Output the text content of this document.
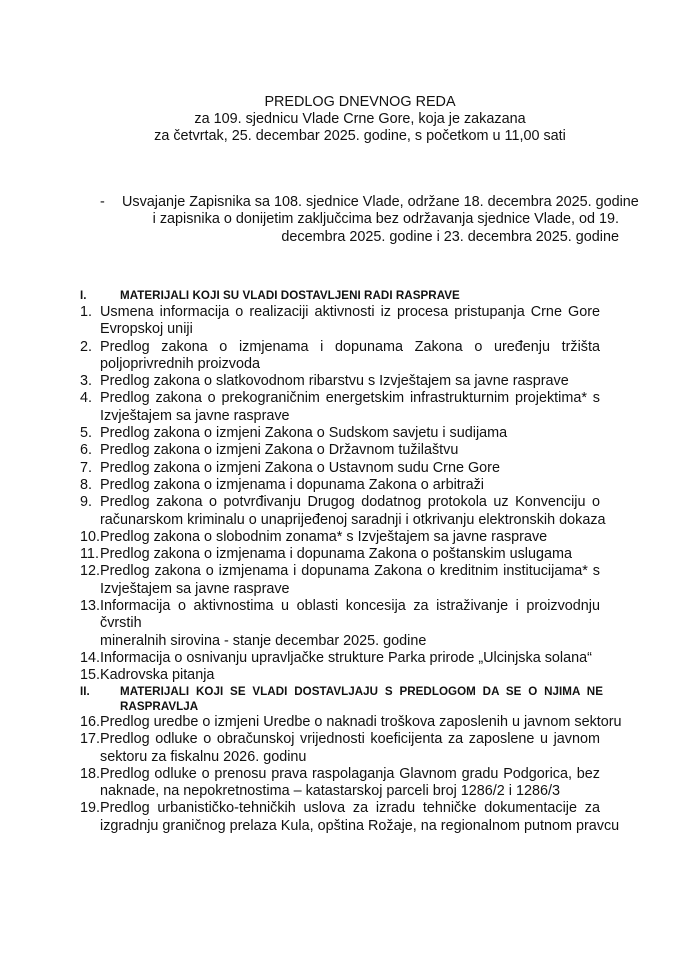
PREDLOG DNEVNOG REDA
za 109. sjednicu Vlade Crne Gore, koja je zakazana
za četvrtak, 25. decembar 2025. godine, s početkom u 11,00 sati
- Usvajanje Zapisnika sa 108. sjednice Vlade, održane 18. decembra 2025. godine
i zapisnika o donijetim zaključcima bez održavanja sjednice Vlade, od 19.
decembra 2025. godine i 23. decembra 2025. godine
I.	MATERIJALI KOJI SU VLADI DOSTAVLJENI RADI RASPRAVE
1. Usmena informacija o realizaciji aktivnosti iz procesa pristupanja Crne Gore
Evropskoj uniji
2. Predlog zakona o izmjenama i dopunama Zakona o uređenju tržišta
poljoprivrednih proizvoda
3. Predlog zakona o slatkovodnom ribarstvu s Izvještajem sa javne rasprave
4. Predlog zakona o prekograničnim energetskim infrastrukturnim projektima* s
Izvještajem sa javne rasprave
5. Predlog zakona o izmjeni Zakona o Sudskom savjetu i sudijama
6. Predlog zakona o izmjeni Zakona o Državnom tužilaštvu
7. Predlog zakona o izmjeni Zakona o Ustavnom sudu Crne Gore
8. Predlog zakona o izmjenama i dopunama Zakona o arbitraži
9. Predlog zakona o potvrđivanju Drugog dodatnog protokola uz Konvenciju o
računarskom kriminalu o unaprijeđenoj saradnji i otkrivanju elektronskih dokaza
10. Predlog zakona o slobodnim zonama* s Izvještajem sa javne rasprave
11. Predlog zakona o izmjenama i dopunama Zakona o poštanskim uslugama
12. Predlog zakona o izmjenama i dopunama Zakona o kreditnim institucijama* s
Izvještajem sa javne rasprave
13. Informacija o aktivnostima u oblasti koncesija za istraživanje i proizvodnju čvrstih
mineralnih sirovina - stanje decembar 2025. godine
14. Informacija o osnivanju upravljačke strukture Parka prirode „Ulcinjska solana“
15. Kadrovska pitanja
II.	MATERIJALI KOJI SE VLADI DOSTAVLJAJU S PREDLOGOM DA SE O NJIMA NE
RASPRAVLJA
16. Predlog uredbe o izmjeni Uredbe o naknadi troškova zaposlenih u javnom sektoru
17. Predlog odluke o obračunskoj vrijednosti koeficijenta za zaposlene u javnom
sektoru za fiskalnu 2026. godinu
18. Predlog odluke o prenosu prava raspolaganja Glavnom gradu Podgorica, bez
naknade, na nepokretnostima – katastarskoj parceli broj 1286/2 i 1286/3
19. Predlog urbanističko-tehničkih uslova za izradu tehničke dokumentacije za
izgradnju graničnog prelaza Kula, opština Rožaje, na regionalnom putnom pravcu
